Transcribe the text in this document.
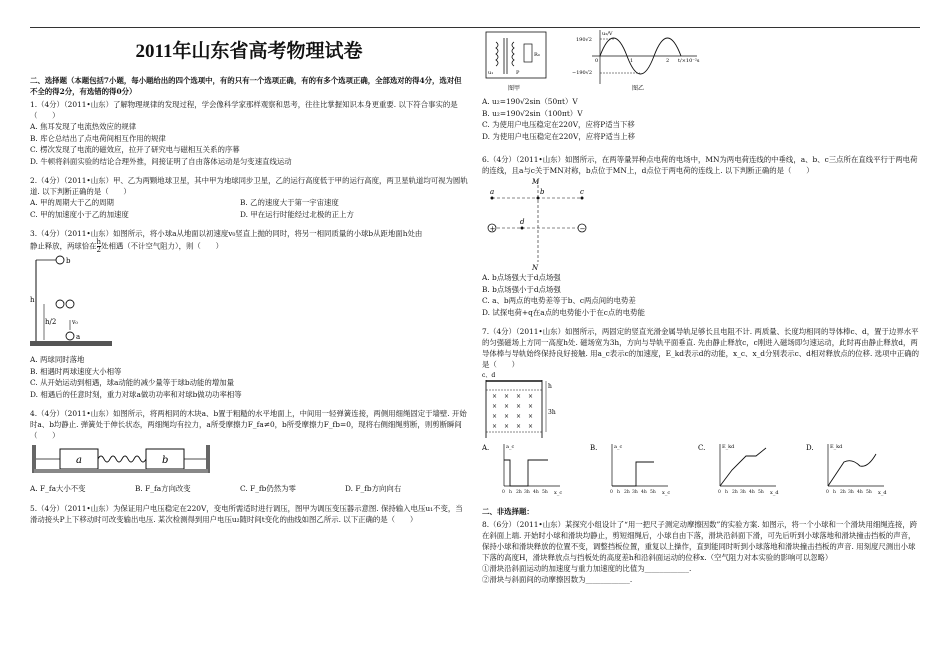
2011年山东省高考物理试卷

二、选择题（本题包括7小题，每小题给出的四个选项中，有的只有一个选项正确，有的有多个选项正确，全部选对的得4分，选对但不全的得2分，有选错的得0分）

1.（4分）（2011•山东）了解物理规律的发现过程，学会像科学家那样观察和思考，往往比掌握知识本身更重要. 以下符合事实的是（　　）

A. 焦耳发现了电流热效应的规律

B. 库仑总结出了点电荷间相互作用的规律

C. 楞次发现了电流的磁效应，拉开了研究电与磁相互关系的序幕

D. 牛顿将斜面实验的结论合理外推，间接证明了自由落体运动是匀变速直线运动

2.（4分）（2011•山东）甲、乙为两颗地球卫星，其中甲为地球同步卫星，乙的运行高度低于甲的运行高度，两卫星轨道均可视为圆轨道. 以下判断正确的是（　　）

A. 甲的周期大于乙的周期	B. 乙的速度大于第一宇宙速度
C. 甲的加速度小于乙的加速度	D. 甲在运行时能经过北极的正上方

3.（4分）（2011•山东）如图所示，将小球a从地面以初速度v₀竖直上抛的同时，将另一相同质量的小球b从距地面h处由

静止释放，两球恰在 $\frac{h}{2}$ 处相遇（不计空气阻力），则（　　）

b
h
h/2	v₀
a

A. 两球同时落地

B. 相遇时两球速度大小相等

C. 从开始运动到相遇，球a动能的减少量等于球b动能的增加量

D. 相遇后的任意时刻，重力对球a做功功率和对球b做功功率相等

4.（4分）（2011•山东）如图所示，将两相同的木块a、b置于粗糙的水平地面上，中间用一轻弹簧连接，两侧用细绳固定于墙壁. 开始时a、b均静止. 弹簧处于伸长状态，两细绳均有拉力，a所受摩擦力F_fa≠0，b所受摩擦力F_fb=0，现将右侧细绳剪断，则剪断瞬间（　　）

a	b
A. F_fa大小不变	B. F_fa方向改变	C. F_fb仍然为零	D. F_fb方向向右

5.（4分）（2011•山东）为保证用户电压稳定在220V，变电所需适时进行调压，图甲为调压变压器示意图. 保持输入电压u₁不变，当滑动接头P上下移动时可改变输出电压. 某次检测得到用户电压u₂随时间t变化的曲线如图乙所示. 以下正确的是（　　）

R₀
u₁	P
图甲
u₂/V
190√2
−190√2
0	1	2 t/×10⁻²s
图乙

A. u₂=190√2sin（50πt）V

B. u₂=190√2sin（100πt）V

C. 为使用户电压稳定在220V，应将P适当下移

D. 为使用户电压稳定在220V，应将P适当上移

6.（4分）（2011•山东）如图所示，在两等量异种点电荷的电场中，MN为两电荷连线的中垂线，a、b、c三点所在直线平行于两电荷的连线，且a与c关于MN对称，b点位于MN上，d点位于两电荷的连线上. 以下判断正确的是（　　）

M
N
a	b	c
+	−
d

A. b点场强大于d点场强

B. b点场强小于d点场强

C. a、b两点的电势差等于b、c两点间的电势差

D. 试探电荷+q在a点的电势能小于在c点的电势能

7.（4分）（2011•山东）如图所示，两固定的竖直光滑金属导轨足够长且电阻不计. 两质量、长度均相同的导体棒c、d，置于边界水平的匀强磁场上方同一高度h处. 磁场宽为3h，方向与导轨平面垂直. 先由静止释放c，c刚进入磁场即匀速运动，此时再由静止释放d，两导体棒与导轨始终保持良好接触. 用a_c表示c的加速度，E_kd表示d的动能，x_c、x_d分别表示c、d相对释放点的位移. 选项中正确的是（　　）

c、d
h
3h
× × × ×
× × × ×
× × × ×
× × × ×
A.	a_c
x_c
B.	a_c
x_c
C.	E_kd
x_d
D.	E_kd
x_d
0 h 2h 3h 4h 5h	0 h 2h 3h 4h 5h	0 h 2h 3h 4h 5h	0 h 2h 3h 4h 5h

二、非选择题：

8.（6分）（2011•山东）某探究小组设计了“用一把尺子测定动摩擦因数”的实验方案. 如图示，将一个小球和一个滑块用细绳连接，跨在斜面上端. 开始时小球和滑块均静止，剪短细绳后，小球自由下落，滑块沿斜面下滑，可先后听到小球落地和滑块撞击挡板的声音，保持小球和滑块释放的位置不变，调整挡板位置，重复以上操作，直到能同时听到小球落地和滑块撞击挡板的声音. 用刻度尺测出小球下落的高度H，滑块释放点与挡板处的高度差h和沿斜面运动的位移x.（空气阻力对本实验的影响可以忽略）

①滑块沿斜面运动的加速度与重力加速度的比值为____________.

②滑块与斜面间的动摩擦因数为____________.
